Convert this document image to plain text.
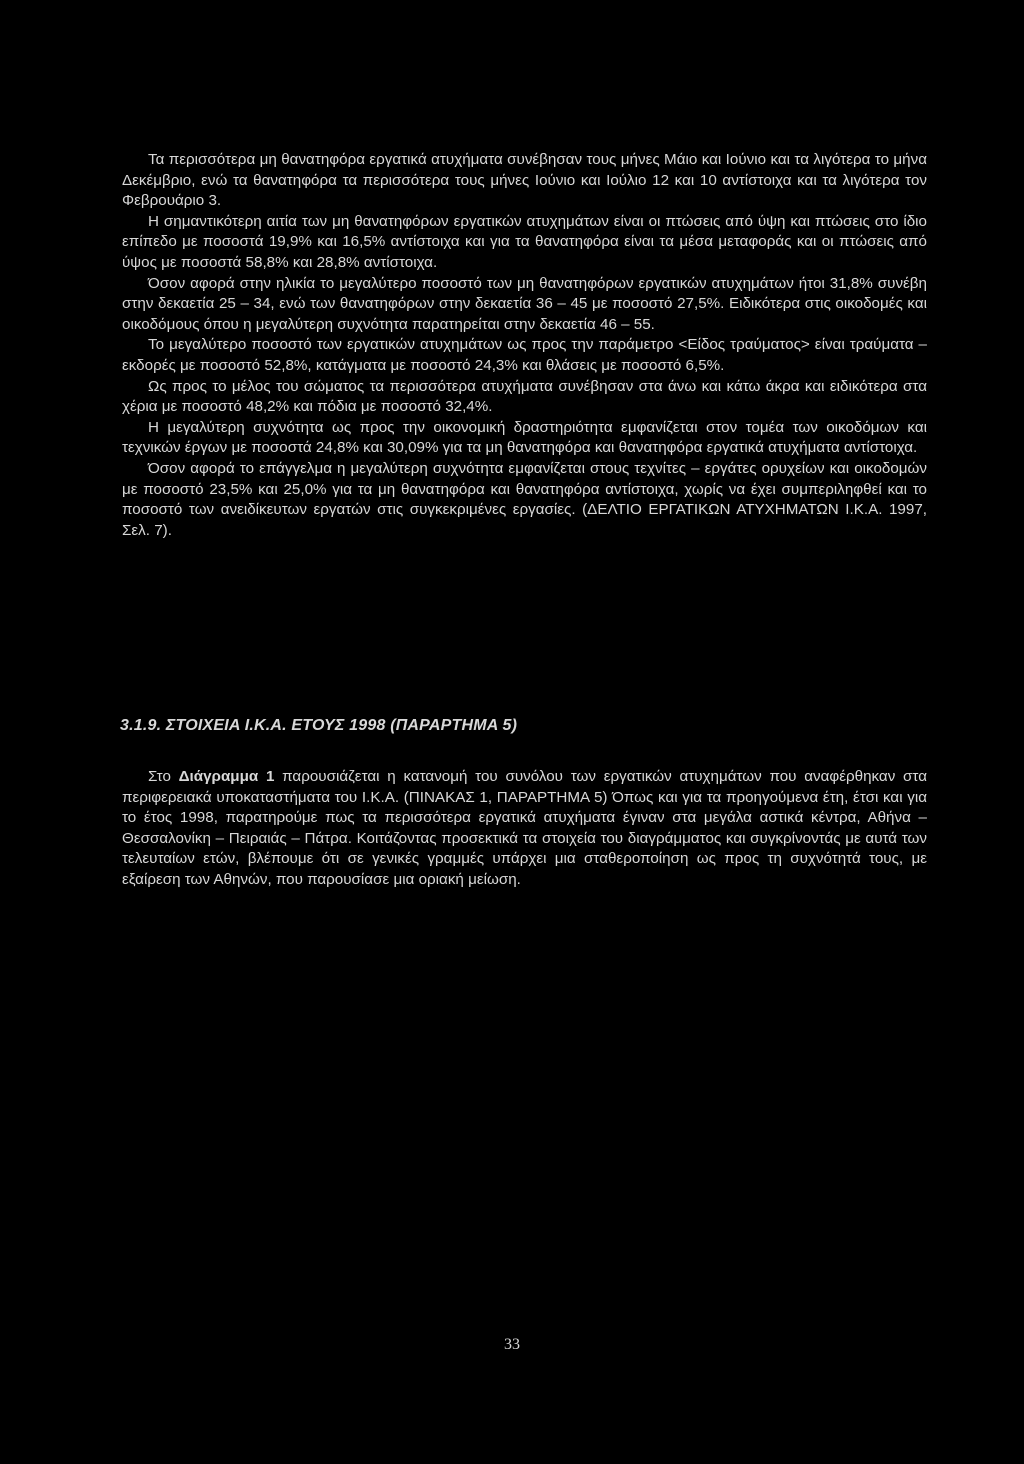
Τα περισσότερα μη θανατηφόρα εργατικά ατυχήματα συνέβησαν τους μήνες Μάιο και Ιούνιο και τα λιγότερα το μήνα Δεκέμβριο, ενώ τα θανατηφόρα τα περισσότερα τους μήνες Ιούνιο και Ιούλιο 12 και 10 αντίστοιχα και τα λιγότερα τον Φεβρουάριο 3.

Η σημαντικότερη αιτία των μη θανατηφόρων εργατικών ατυχημάτων είναι οι πτώσεις από ύψη και πτώσεις στο ίδιο επίπεδο με ποσοστά 19,9% και 16,5% αντίστοιχα και για τα θανατηφόρα είναι τα μέσα μεταφοράς και οι πτώσεις από ύψος με ποσοστά 58,8% και 28,8% αντίστοιχα.

Όσον αφορά στην ηλικία το μεγαλύτερο ποσοστό των μη θανατηφόρων εργατικών ατυχημάτων ήτοι 31,8% συνέβη στην δεκαετία 25 – 34, ενώ των θανατηφόρων στην δεκαετία 36 – 45 με ποσοστό 27,5%. Ειδικότερα στις οικοδομές και οικοδόμους όπου η μεγαλύτερη συχνότητα παρατηρείται στην δεκαετία 46 – 55.

Το μεγαλύτερο ποσοστό των εργατικών ατυχημάτων ως προς την παράμετρο <Είδος τραύματος> είναι τραύματα – εκδορές με ποσοστό 52,8%, κατάγματα με ποσοστό 24,3% και θλάσεις με ποσοστό 6,5%.

Ως προς το μέλος του σώματος τα περισσότερα ατυχήματα συνέβησαν στα άνω και κάτω άκρα και ειδικότερα στα χέρια με ποσοστό 48,2% και πόδια με ποσοστό 32,4%.

Η μεγαλύτερη συχνότητα ως προς την οικονομική δραστηριότητα εμφανίζεται στον τομέα των οικοδόμων και τεχνικών έργων με ποσοστά 24,8% και 30,09% για τα μη θανατηφόρα και θανατηφόρα εργατικά ατυχήματα αντίστοιχα.

Όσον αφορά το επάγγελμα η μεγαλύτερη συχνότητα εμφανίζεται στους τεχνίτες – εργάτες ορυχείων και οικοδομών με ποσοστό 23,5% και 25,0% για τα μη θανατηφόρα και θανατηφόρα αντίστοιχα, χωρίς να έχει συμπεριληφθεί και το ποσοστό των ανειδίκευτων εργατών στις συγκεκριμένες εργασίες. (ΔΕΛΤΙΟ ΕΡΓΑΤΙΚΩΝ ΑΤΥΧΗΜΑΤΩΝ Ι.Κ.Α. 1997, Σελ. 7).

3.1.9. ΣΤΟΙΧΕΙΑ Ι.Κ.Α. ΕΤΟΥΣ 1998 (ΠΑΡΑΡΤΗΜΑ 5)

Στο Διάγραμμα 1 παρουσιάζεται η κατανομή του συνόλου των εργατικών ατυχημάτων που αναφέρθηκαν στα περιφερειακά υποκαταστήματα του Ι.Κ.Α. (ΠΙΝΑΚΑΣ 1, ΠΑΡΑΡΤΗΜΑ 5) Όπως και για τα προηγούμενα έτη, έτσι και για το έτος 1998, παρατηρούμε πως τα περισσότερα εργατικά ατυχήματα έγιναν στα μεγάλα αστικά κέντρα, Αθήνα – Θεσσαλονίκη – Πειραιάς – Πάτρα. Κοιτάζοντας προσεκτικά τα στοιχεία του διαγράμματος και συγκρίνοντάς με αυτά των τελευταίων ετών, βλέπουμε ότι σε γενικές γραμμές υπάρχει μια σταθεροποίηση ως προς τη συχνότητά τους, με εξαίρεση των Αθηνών, που παρουσίασε μια οριακή μείωση.

33
